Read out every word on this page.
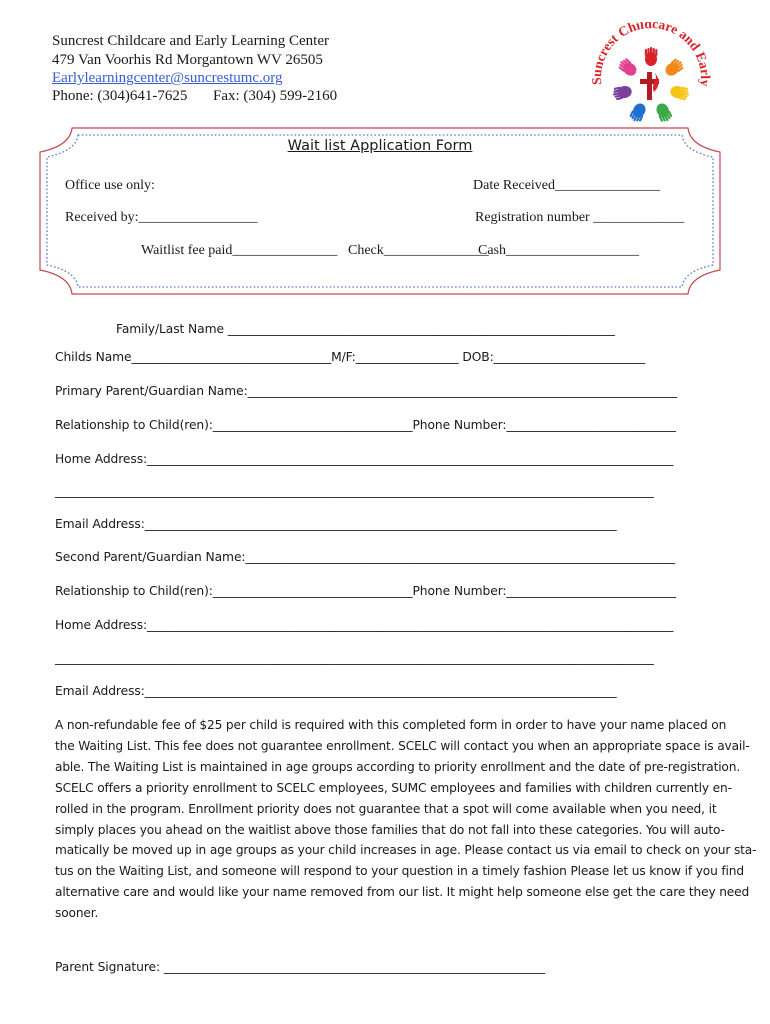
Suncrest Childcare and Early Learning Center
479 Van Voorhis Rd Morgantown WV 26505
Earlylearningcenter@suncrestumc.org
Phone: (304)641-7625 Fax: (304) 599-2160
Suncrest Childcare and Early
Wait list Application Form
Office use only:	Date Received_______________
Received by:_________________	Registration number _____________
Waitlist fee paid_______________ Check_______________
Cash___________________
Family/Last Name ________________________________________________________________
Childs Name_________________________________M/F:_________________ DOB:_________________________
Primary Parent/Guardian Name:_______________________________________________________________________
Relationship to Child(ren):_________________________________Phone Number:____________________________
Home Address:_______________________________________________________________________________________
___________________________________________________________________________________________________
Email Address:______________________________________________________________________________
Second Parent/Guardian Name:_______________________________________________________________________
Relationship to Child(ren):_________________________________Phone Number:____________________________
Home Address:_______________________________________________________________________________________
___________________________________________________________________________________________________
Email Address:______________________________________________________________________________
A non-refundable fee of $25 per child is required with this completed form in order to have your name placed on
the Waiting List. This fee does not guarantee enrollment. SCELC will contact you when an appropriate space is avail-
able. The Waiting List is maintained in age groups according to priority enrollment and the date of pre-registration.
SCELC offers a priority enrollment to SCELC employees, SUMC employees and families with children currently en-
rolled in the program. Enrollment priority does not guarantee that a spot will come available when you need, it
simply places you ahead on the waitlist above those families that do not fall into these categories. You will auto-
matically be moved up in age groups as your child increases in age. Please contact us via email to check on your sta-
tus on the Waiting List, and someone will respond to your question in a timely fashion Please let us know if you find
alternative care and would like your name removed from our list. It might help someone else get the care they need
sooner.
Parent Signature: _______________________________________________________________
